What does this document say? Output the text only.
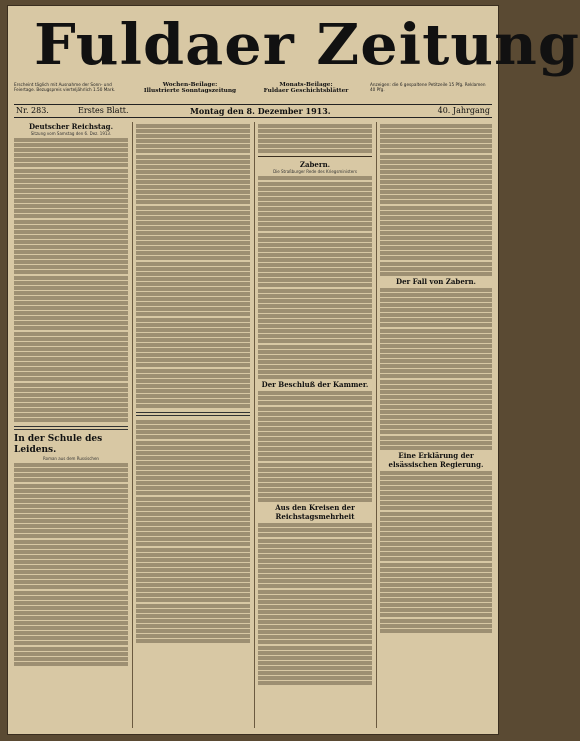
Fuldaer Zeitung
Erscheint täglich mit Ausnahme der Sonn- und Feiertage. Bezugspreis vierteljährlich 1.50 Mark.
Wochen-Beilage:
Illustrierte Sonntagszeitung
Monats-Beilage:
Fuldaer Geschichtsblätter
Anzeigen: die 6 gespaltene Petitzeile 15 Pfg. Reklamen 40 Pfg.
Nr. 283.	Erstes Blatt.	Montag den 8. Dezember 1913.	40. Jahrgang
Deutscher Reichstag.
Sitzung vom Samstag den 6. Dez. 1913.
In der Schule des Leidens.
Roman aus dem Russischen
Zabern.
Die Straßburger Rede des Kriegsministers
Der Beschluß der Kammer.
Aus den Kreisen der Reichstagsmehrheit
Der Fall von Zabern.
Eine Erklärung der elsässischen Regierung.
